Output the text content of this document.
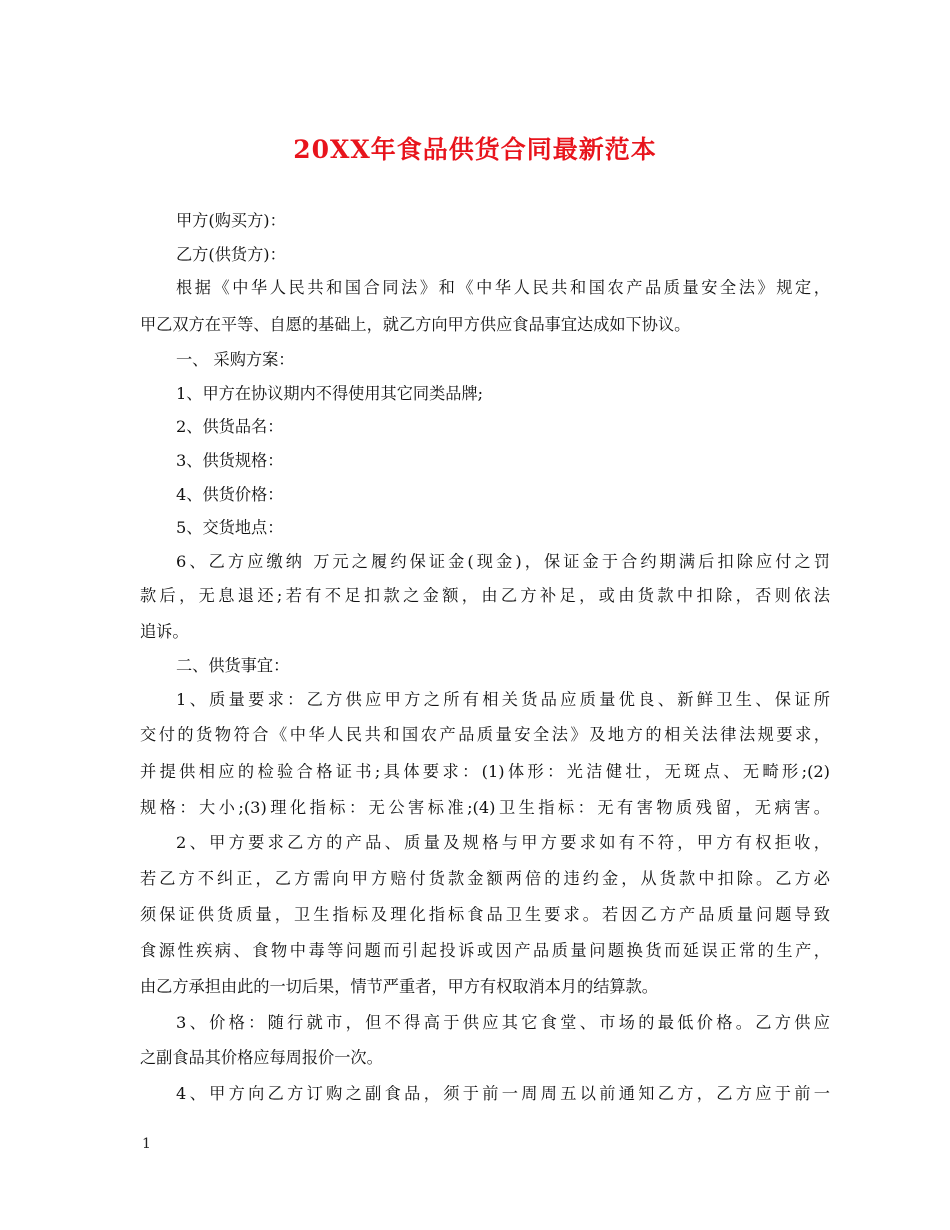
20XX年食品供货合同最新范本
甲方(购买方)：
乙方(供货方)：
根据《中华人民共和国合同法》和《中华人民共和国农产品质量安全法》规定，
甲乙双方在平等、自愿的基础上，就乙方向甲方供应食品事宜达成如下协议。
一、 采购方案：
1、甲方在协议期内不得使用其它同类品牌;
2、供货品名：
3、供货规格：
4、供货价格：
5、交货地点：
6、乙方应缴纳 万元之履约保证金(现金)，保证金于合约期满后扣除应付之罚
款后，无息退还;若有不足扣款之金额，由乙方补足，或由货款中扣除，否则依法
追诉。
二、供货事宜：
1、质量要求：乙方供应甲方之所有相关货品应质量优良、新鲜卫生、保证所
交付的货物符合《中华人民共和国农产品质量安全法》及地方的相关法律法规要求，
并提供相应的检验合格证书;具体要求：(1)体形：光洁健壮，无斑点、无畸形;(2)
规格：大小;(3)理化指标：无公害标准;(4)卫生指标：无有害物质残留，无病害。
2、甲方要求乙方的产品、质量及规格与甲方要求如有不符，甲方有权拒收，
若乙方不纠正，乙方需向甲方赔付货款金额两倍的违约金，从货款中扣除。乙方必
须保证供货质量，卫生指标及理化指标食品卫生要求。若因乙方产品质量问题导致
食源性疾病、食物中毒等问题而引起投诉或因产品质量问题换货而延误正常的生产，
由乙方承担由此的一切后果，情节严重者，甲方有权取消本月的结算款。
3、价格：随行就市，但不得高于供应其它食堂、市场的最低价格。乙方供应
之副食品其价格应每周报价一次。
4、甲方向乙方订购之副食品，须于前一周周五以前通知乙方，乙方应于前一
1
